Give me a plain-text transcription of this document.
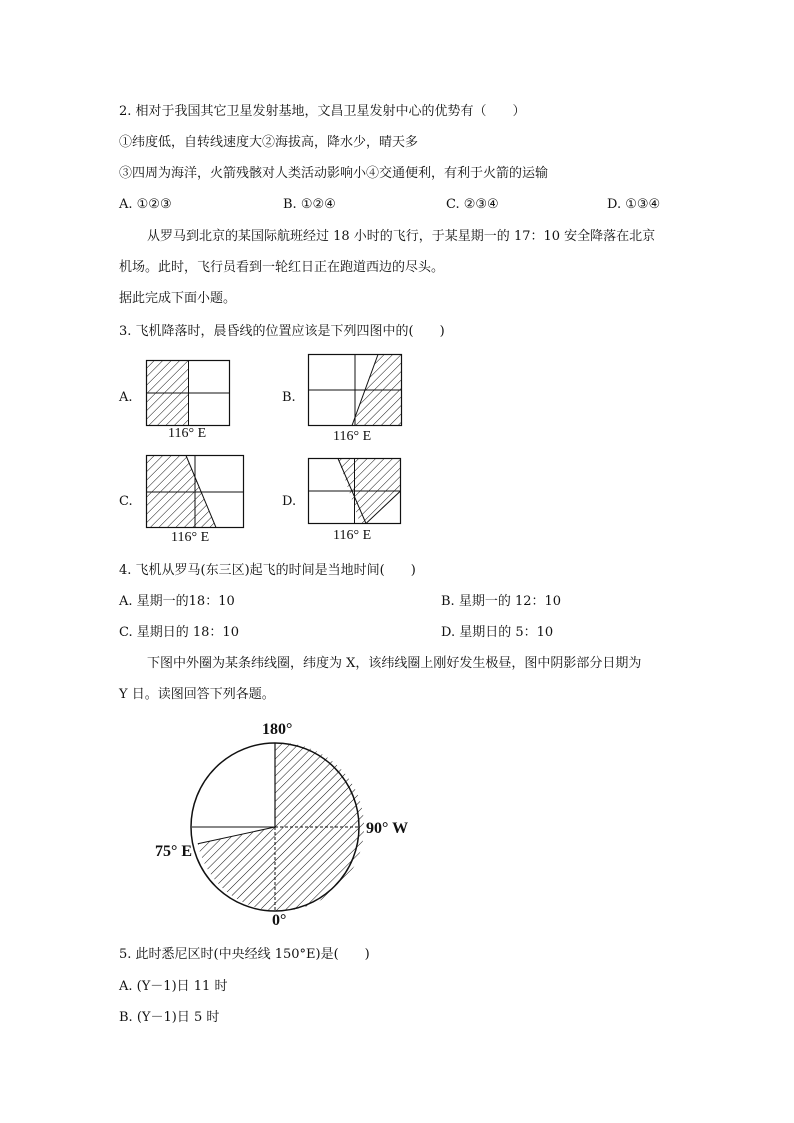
2. 相对于我国其它卫星发射基地，文昌卫星发射中心的优势有（　　）
①纬度低，自转线速度大②海拔高，降水少，晴天多
③四周为海洋，火箭残骸对人类活动影响小④交通便利，有利于火箭的运输
A. ①②③	B. ①②④	C. ②③④	D. ①③④
从罗马到北京的某国际航班经过 18 小时的飞行，于某星期一的 17：10 安全降落在北京
机场。此时，飞行员看到一轮红日正在跑道西边的尽头。
据此完成下面小题。
3. 飞机降落时，晨昏线的位置应该是下列四图中的(　　)
A.
116° E
B.
116° E
C.
116° E
D.
116° E
4. 飞机从罗马(东三区)起飞的时间是当地时间(　　)
A. 星期一的18：10	B. 星期一的 12：10
C. 星期日的 18：10	D. 星期日的 5：10
下图中外圈为某条纬线圈，纬度为 X，该纬线圈上刚好发生极昼，图中阴影部分日期为
Y 日。读图回答下列各题。
180°
90° W
75° E
0°
5. 此时悉尼区时(中央经线 150°E)是(　　)
A. (Y－1)日 11 时
B. (Y－1)日 5 时
